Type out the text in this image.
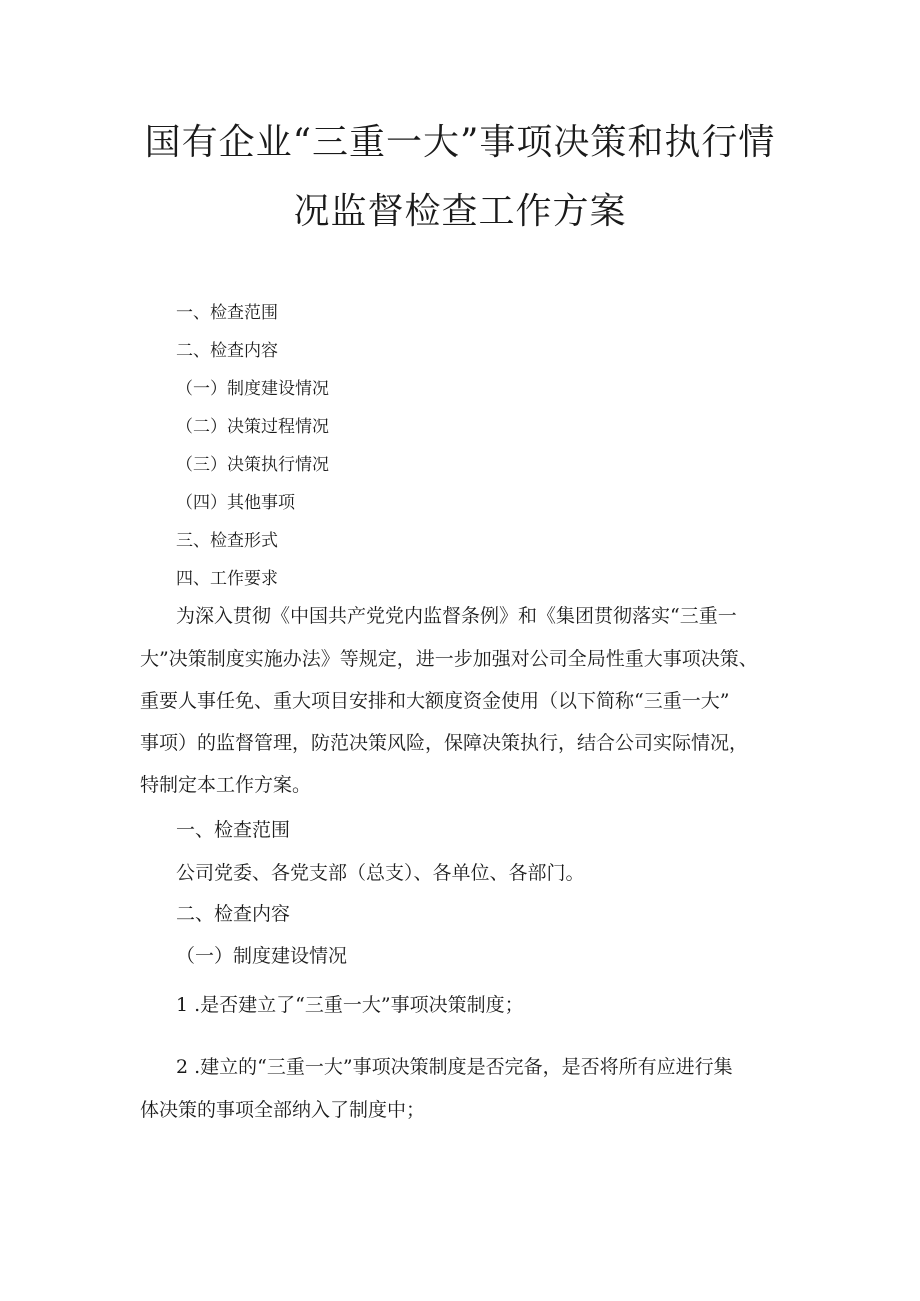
国有企业“三重一大”事项决策和执行情
况监督检查工作方案
一、检查范围
二、检查内容
（一）制度建设情况
（二）决策过程情况
（三）决策执行情况
（四）其他事项
三、检查形式
四、工作要求
为深入贯彻《中国共产党党内监督条例》和《集团贯彻落实“三重一
大”决策制度实施办法》等规定，进一步加强对公司全局性重大事项决策、
重要人事任免、重大项目安排和大额度资金使用（以下简称“三重一大”
事项）的监督管理，防范决策风险，保障决策执行，结合公司实际情况，
特制定本工作方案。
一、检查范围
公司党委、各党支部（总支）、各单位、各部门。
二、检查内容
（一）制度建设情况
1 .是否建立了“三重一大”事项决策制度；
2 .建立的“三重一大”事项决策制度是否完备，是否将所有应进行集
体决策的事项全部纳入了制度中；
